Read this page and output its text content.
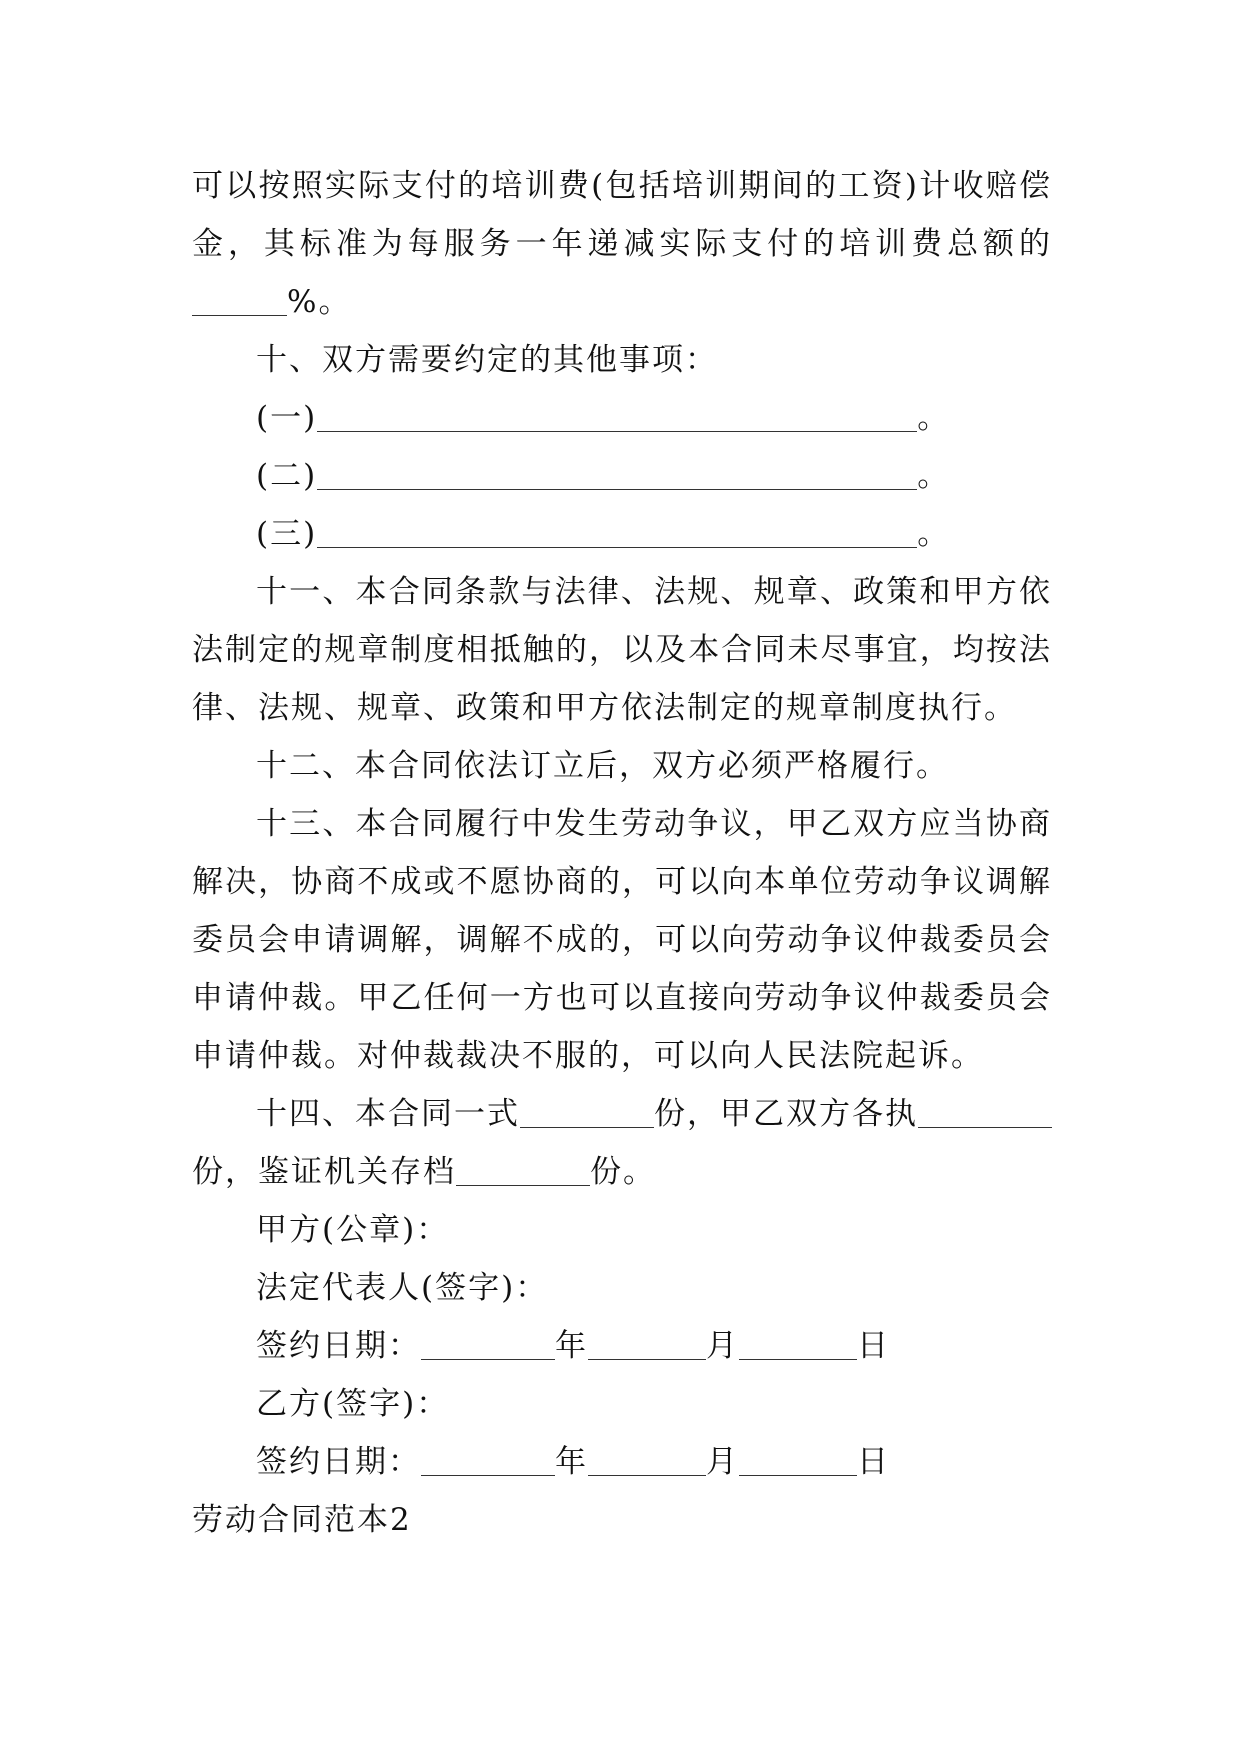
可以按照实际支付的培训费(包括培训期间的工资)计收赔偿
金，其标准为每服务一年递减实际支付的培训费总额的
%。
十、双方需要约定的其他事项：
(一)	。
(二)	。
(三)	。
十一、本合同条款与法律、法规、规章、政策和甲方依
法制定的规章制度相抵触的，以及本合同未尽事宜，均按法
律、法规、规章、政策和甲方依法制定的规章制度执行。
十二、本合同依法订立后，双方必须严格履行。
十三、本合同履行中发生劳动争议，甲乙双方应当协商
解决，协商不成或不愿协商的，可以向本单位劳动争议调解
委员会申请调解，调解不成的，可以向劳动争议仲裁委员会
申请仲裁。甲乙任何一方也可以直接向劳动争议仲裁委员会
申请仲裁。对仲裁裁决不服的，可以向人民法院起诉。
十四、本合同一式	份，甲乙双方各执
份，鉴证机关存档	份。
甲方(公章)：
法定代表人(签字)：
签约日期：	年	月	日
乙方(签字)：
签约日期：	年	月	日
劳动合同范本2
